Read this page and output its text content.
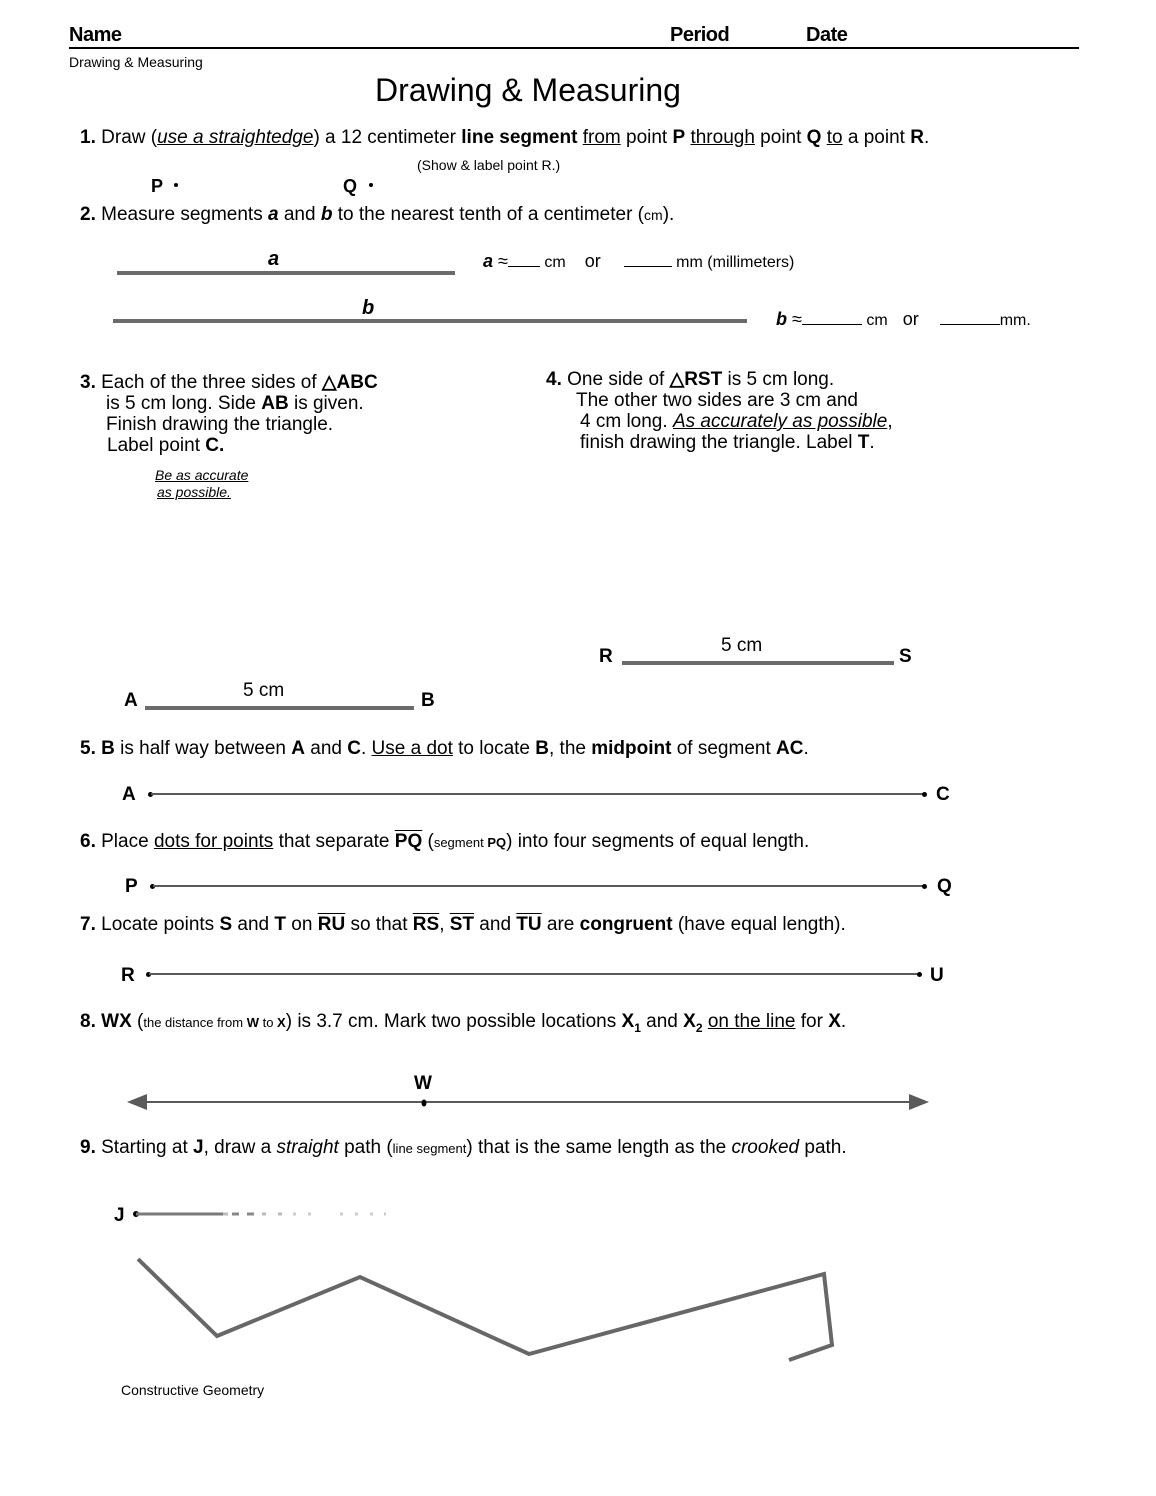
Name	Period	Date
Drawing & Measuring
Drawing & Measuring
1. Draw (use a straightedge) a 12 centimeter line segment from point P through point Q to a point R.
(Show & label point R.)
P	Q
2. Measure segments a and b to the nearest tenth of a centimeter (cm).
a	a ≈ cm or	mm (millimeters)
b	b ≈	cm or	mm.
3. Each of the three sides of △ABC
is 5 cm long. Side AB is given.
Finish drawing the triangle.
Label point C.
Be as accurate
as possible.
4. One side of △RST is 5 cm long.
The other two sides are 3 cm and
4 cm long. As accurately as possible,
finish drawing the triangle. Label T.
R
5 cm
S
A	5 cm	B
5. B is half way between A and C. Use a dot to locate B, the midpoint of segment AC.
A	C
6. Place dots for points that separate $\overline{PQ}$ (segment PQ) into four segments of equal length.
P	Q
7. Locate points S and T on $\overline{RU}$ so that $\overline{RS}$, $\overline{ST}$ and $\overline{TU}$ are congruent (have equal length).
R	U
8. WX (the distance from W to X) is 3.7 cm. Mark two possible locations $X_1$ and $X_2$ on the line for X.
W
9. Starting at J, draw a straight path (line segment) that is the same length as the crooked path.
J
Constructive Geometry
